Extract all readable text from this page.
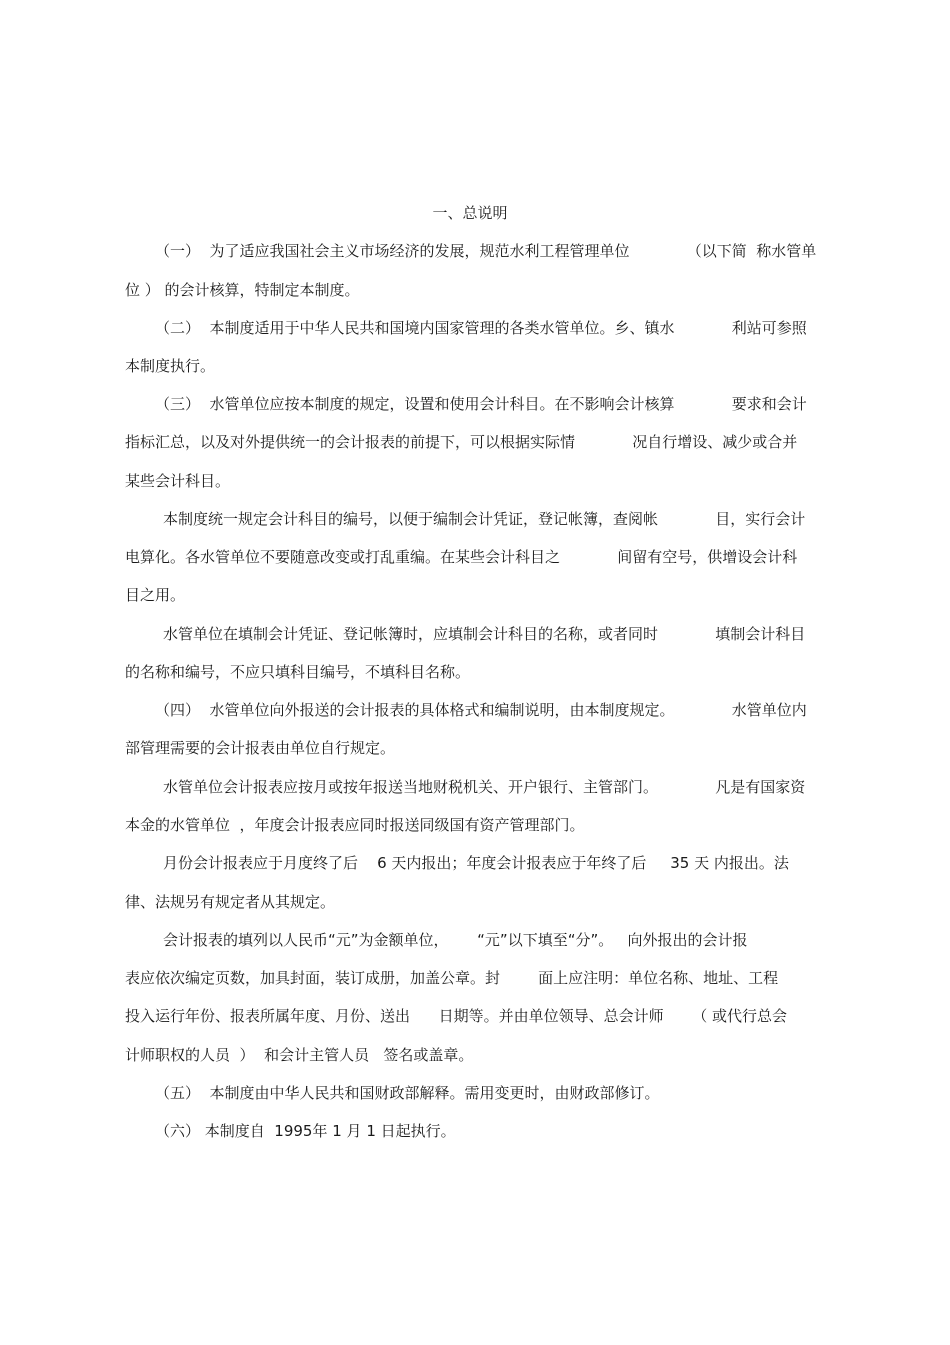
一、总说明
（一）  为了适应我国社会主义市场经济的发展，规范水利工程管理单位            （以下简  称水管单
位 ） 的会计核算，特制定本制度。
（二）  本制度适用于中华人民共和国境内国家管理的各类水管单位。乡、镇水            利站可参照
本制度执行。
（三）  水管单位应按本制度的规定，设置和使用会计科目。在不影响会计核算            要求和会计
指标汇总，以及对外提供统一的会计报表的前提下，可以根据实际情            况自行增设、减少或合并
某些会计科目。
本制度统一规定会计科目的编号，以便于编制会计凭证，登记帐簿，查阅帐            目，实行会计
电算化。各水管单位不要随意改变或打乱重编。在某些会计科目之            间留有空号，供增设会计科
目之用。
水管单位在填制会计凭证、登记帐簿时，应填制会计科目的名称，或者同时            填制会计科目
的名称和编号，不应只填科目编号，不填科目名称。
（四）  水管单位向外报送的会计报表的具体格式和编制说明，由本制度规定。            水管单位内
部管理需要的会计报表由单位自行规定。
水管单位会计报表应按月或按年报送当地财税机关、开户银行、主管部门。            凡是有国家资
本金的水管单位  ，年度会计报表应同时报送同级国有资产管理部门。
月份会计报表应于月度终了后    6 天内报出；年度会计报表应于年终了后     35 天 内报出。法
律、法规另有规定者从其规定。
会计报表的填列以人民币“元”为金额单位，      “元”以下填至“分”。   向外报出的会计报
表应依次编定页数，加具封面，装订成册，加盖公章。封        面上应注明：单位名称、地址、工程
投入运行年份、报表所属年度、月份、送出      日期等。并由单位领导、总会计师      （ 或代行总会
计师职权的人员  ）  和会计主管人员   签名或盖章。
（五）  本制度由中华人民共和国财政部解释。需用变更时，由财政部修订。
（六） 本制度自  1995年 1 月 1 日起执行。
